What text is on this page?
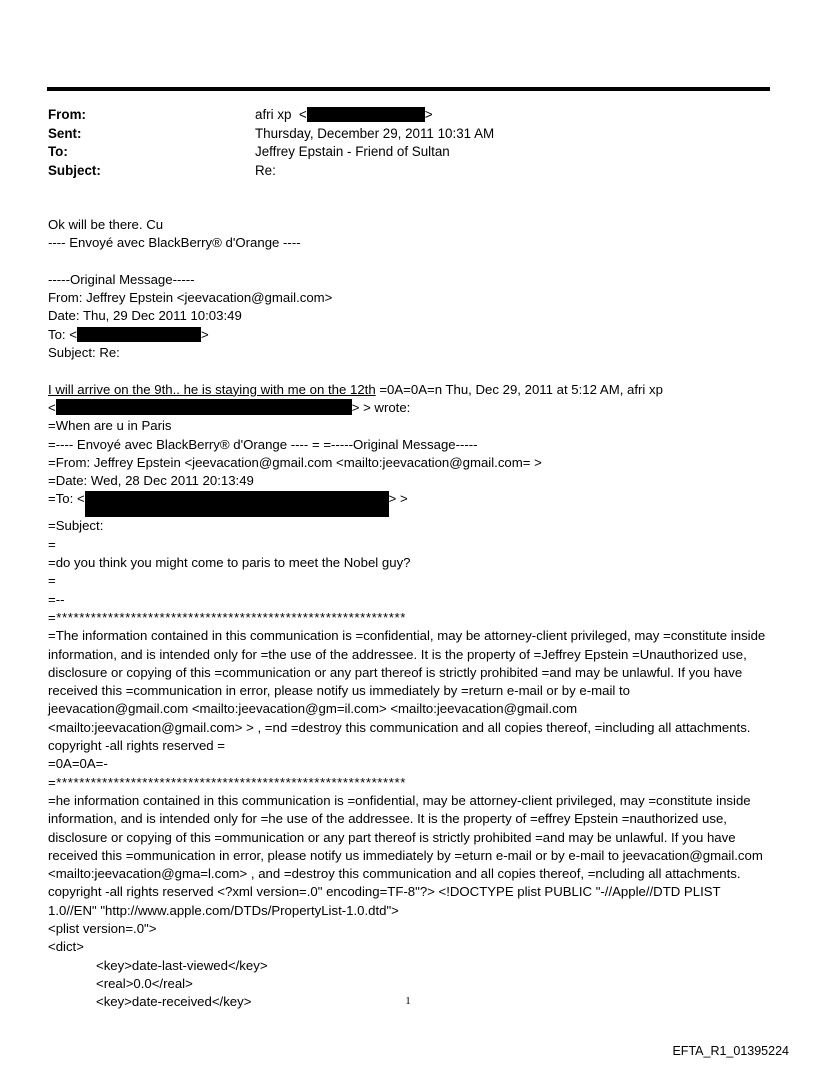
From:	afri xp <	>
Sent:	Thursday, December 29, 2011 10:31 AM
To:	Jeffrey Epstain - Friend of Sultan
Subject:	Re:
Ok will be there. Cu
---- Envoyé avec BlackBerry® d'Orange ----
-----Original Message-----
From: Jeffrey Epstein <jeevacation@gmail.com>
Date: Thu, 29 Dec 2011 10:03:49
To: <	>
Subject: Re:
I will arrive on the 9th.. he is staying with me on the 12th =0A=0A=n Thu, Dec 29, 2011 at 5:12 AM, afri xp
<	> > wrote:
=When are u in Paris
=---- Envoyé avec BlackBerry® d'Orange ---- = =-----Original Message-----
=From: Jeffrey Epstein <jeevacation@gmail.com <mailto:jeevacation@gmail.com= >
=Date: Wed, 28 Dec 2011 20:13:49
=To: <	> >
=Subject:
=
=do you think you might come to paris to meet the Nobel guy?
=
=--
=*************************************************************
=The information contained in this communication is =confidential, may be attorney-client privileged, may =constitute inside information, and is intended only for =the use of the addressee. It is the property of =Jeffrey Epstein =Unauthorized use, disclosure or copying of this =communication or any part thereof is strictly prohibited =and may be unlawful. If you have received this =communication in error, please notify us immediately by =return e-mail or by e-mail to jeevacation@gmail.com <mailto:jeevacation@gm=il.com> <mailto:jeevacation@gmail.com <mailto:jeevacation@gmail.com> > , =nd =destroy this communication and all copies thereof, =including all attachments. copyright -all rights reserved =
=0A=0A=-
=*************************************************************
=he information contained in this communication is =onfidential, may be attorney-client privileged, may =constitute inside information, and is intended only for =he use of the addressee. It is the property of =effrey Epstein =nauthorized use, disclosure or copying of this =ommunication or any part thereof is strictly prohibited =and may be unlawful. If you have received this =ommunication in error, please notify us immediately by =eturn e-mail or by e-mail to jeevacation@gmail.com <mailto:jeevacation@gma=l.com> , and =destroy this communication and all copies thereof, =ncluding all attachments. copyright -all rights reserved <?xml version=.0" encoding=TF-8"?> <!DOCTYPE plist PUBLIC "-//Apple//DTD PLIST 1.0//EN" "http://www.apple.com/DTDs/PropertyList-1.0.dtd">
<plist version=.0">
<dict>
<key>date-last-viewed</key>
<real>0.0</real>
<key>date-received</key>	1
EFTA_R1_01395224
